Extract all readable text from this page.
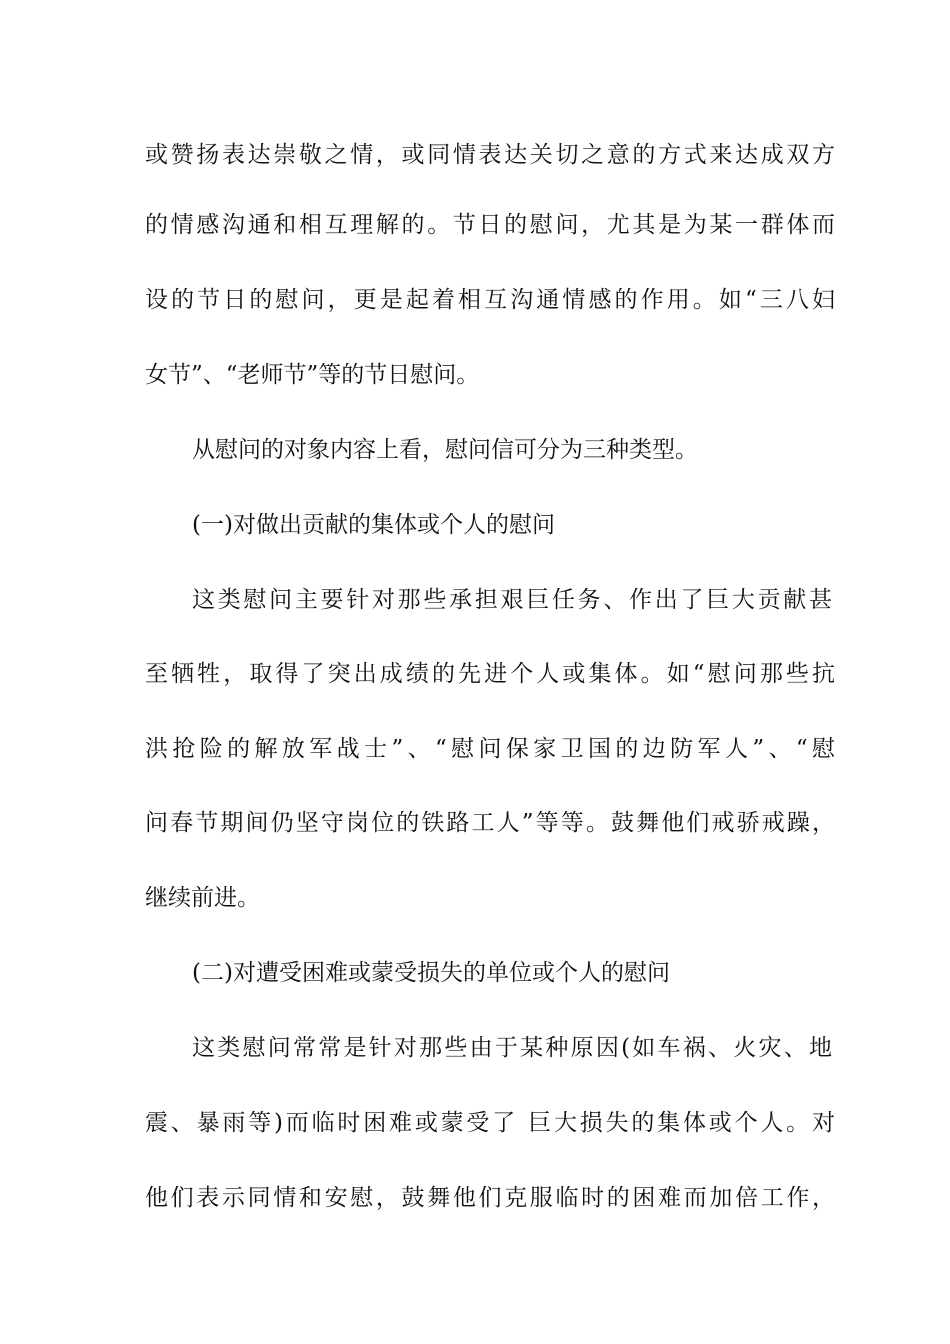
或赞扬表达崇敬之情，或同情表达关切之意的方式来达成双方
的情感沟通和相互理解的。节日的慰问，尤其是为某一群体而
设的节日的慰问，更是起着相互沟通情感的作用。如“三八妇
女节”、“老师节”等的节日慰问。
从慰问的对象内容上看，慰问信可分为三种类型。
(一)对做出贡献的集体或个人的慰问
这类慰问主要针对那些承担艰巨任务、作出了巨大贡献甚
至牺牲，取得了突出成绩的先进个人或集体。如“慰问那些抗
洪抢险的解放军战士”、“慰问保家卫国的边防军人”、“慰
问春节期间仍坚守岗位的铁路工人”等等。鼓舞他们戒骄戒躁，
继续前进。
(二)对遭受困难或蒙受损失的单位或个人的慰问
这类慰问常常是针对那些由于某种原因(如车祸、火灾、地
震、暴雨等)而临时困难或蒙受了 巨大损失的集体或个人。对
他们表示同情和安慰，鼓舞他们克服临时的困难而加倍工作，
